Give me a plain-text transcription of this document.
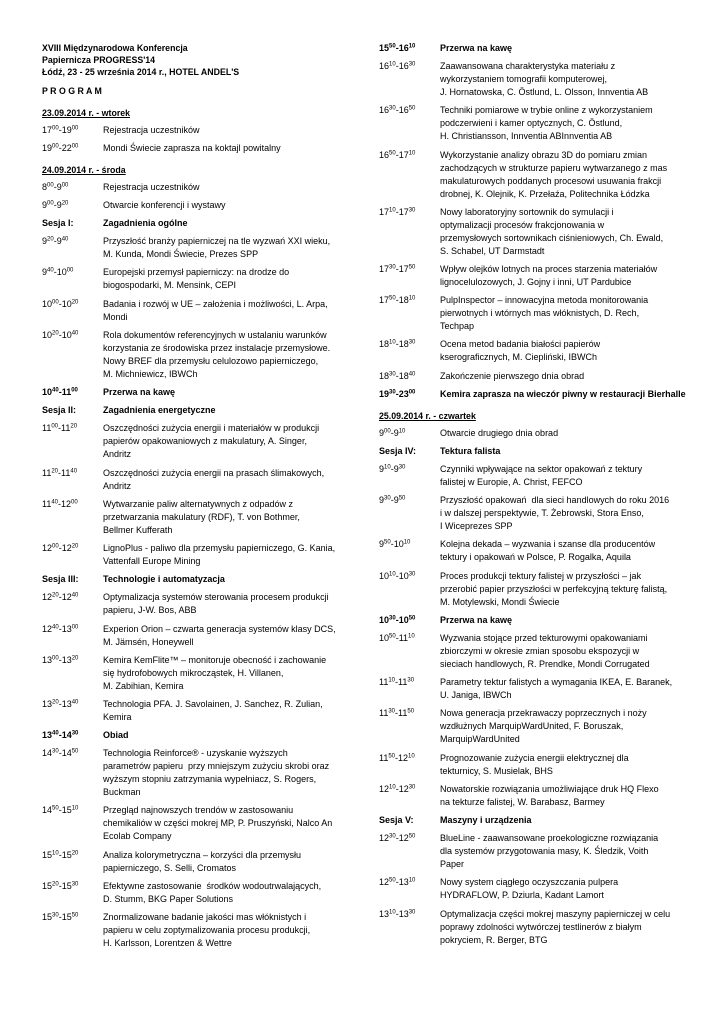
XVIII Międzynarodowa Konferencja
Papiernicza PROGRESS'14
Łódź, 23 - 25 września 2014 r., HOTEL ANDEL'S
P R O G R A M
23.09.2014 r. - wtorek
$17^{00}-19^{00}$	Rejestracja uczestników
$19^{00}-22^{00}$	Mondi Świecie zaprasza na koktajl powitalny
24.09.2014 r. - środa
$8^{00}-9^{00}$	Rejestracja uczestników
$9^{00}-9^{20}$	Otwarcie konferencji i wystawy
Sesja I:	Zagadnienia ogólne
$9^{20}-9^{40}$	Przyszłość branży papierniczej na tle wyzwań XXI wieku,
M. Kunda, Mondi Świecie, Prezes SPP
$9^{40}-10^{00}$	Europejski przemysł papierniczy: na drodze do
biogospodarki, M. Mensink, CEPI
$10^{00}-10^{20}$	Badania i rozwój w UE – założenia i możliwości, L. Arpa,
Mondi
$10^{20}-10^{40}$	Rola dokumentów referencyjnych w ustalaniu warunków
korzystania ze środowiska przez instalacje przemysłowe.
Nowy BREF dla przemysłu celulozowo papierniczego,
M. Michniewicz, IBWCh
$10^{40}-11^{00}$	Przerwa na kawę
Sesja II:	Zagadnienia energetyczne
$11^{00}-11^{20}$	Oszczędności zużycia energii i materiałów w produkcji
papierów opakowaniowych z makulatury, A. Singer,
Andritz
$11^{20}-11^{40}$	Oszczędności zużycia energii na prasach ślimakowych,
Andritz
$11^{40}-12^{00}$	Wytwarzanie paliw alternatywnych z odpadów z
przetwarzania makulatury (RDF), T. von Bothmer,
Bellmer Kufferath
$12^{00}-12^{20}$	LignoPlus - paliwo dla przemysłu papierniczego, G. Kania,
Vattenfall Europe Mining
Sesja III:	Technologie i automatyzacja
$12^{20}-12^{40}$	Optymalizacja systemów sterowania procesem produkcji
papieru, J-W. Bos, ABB
$12^{40}-13^{00}$	Experion Orion – czwarta generacja systemów klasy DCS,
M. Jämsén, Honeywell
$13^{00}-13^{20}$	Kemira KemFlite™ – monitoruje obecność i zachowanie
się hydrofobowych mikrocząstek, H. Villanen,
M. Zabihian, Kemira
$13^{20}-13^{40}$	Technologia PFA. J. Savolainen, J. Sanchez, R. Zulian,
Kemira
$13^{40}-14^{30}$	Obiad
$14^{30}-14^{50}$	Technologia Reinforce® - uzyskanie wyższych
parametrów papieru  przy mniejszym zużyciu skrobi oraz
wyższym stopniu zatrzymania wypełniacz, S. Rogers,
Buckman
$14^{50}-15^{10}$	Przegląd najnowszych trendów w zastosowaniu
chemikaliów w części mokrej MP, P. Pruszyński, Nalco An
Ecolab Company
$15^{10}-15^{20}$	Analiza kolorymetryczna – korzyści dla przemysłu
papierniczego, S. Selli, Cromatos
$15^{20}-15^{30}$	Efektywne zastosowanie  środków wodoutrwalających,
D. Stumm, BKG Paper Solutions
$15^{30}-15^{50}$	Znormalizowane badanie jakości mas włóknistych i
papieru w celu zoptymalizowania procesu produkcji,
H. Karlsson, Lorentzen & Wettre
$15^{50}-16^{10}$	Przerwa na kawę
$16^{10}-16^{30}$	Zaawansowana charakterystyka materiału z
wykorzystaniem tomografii komputerowej,
J. Hornatowska, C. Östlund, L. Olsson, Innventia AB
$16^{30}-16^{50}$	Techniki pomiarowe w trybie online z wykorzystaniem
podczerwieni i kamer optycznych, C. Östlund,
H. Christiansson, Innventia ABInnventia AB
$16^{50}-17^{10}$	Wykorzystanie analizy obrazu 3D do pomiaru zmian
zachodzących w strukturze papieru wytwarzanego z mas
makulaturowych poddanych procesowi usuwania frakcji
drobnej, K. Olejnik, K. Przełaźa, Politechnika Łódzka
$17^{10}-17^{30}$	Nowy laboratoryjny sortownik do symulacji i
optymalizacji procesów frakcjonowania w
przemysłowych sortownikach ciśnieniowych, Ch. Ewald,
S. Schabel, UT Darmstadt
$17^{30}-17^{50}$	Wpływ olejków lotnych na proces starzenia materiałów
lignocelulozowych, J. Gojny i inni, UT Pardubice
$17^{50}-18^{10}$	PulpInspector – innowacyjna metoda monitorowania
pierwotnych i wtórnych mas włóknistych, D. Rech,
Techpap
$18^{10}-18^{30}$	Ocena metod badania białości papierów
kserograficznych, M. Ciepliński, IBWCh
$18^{30}-18^{40}$	Zakończenie pierwszego dnia obrad
$19^{30}-23^{00}$	Kemira zaprasza na wieczór piwny w restauracji Bierhalle
25.09.2014 r. - czwartek
$9^{00}-9^{10}$	Otwarcie drugiego dnia obrad
Sesja IV:	Tektura falista
$9^{10}-9^{30}$	Czynniki wpływające na sektor opakowań z tektury
falistej w Europie, A. Christ, FEFCO
$9^{30}-9^{50}$	Przyszłość opakowań  dla sieci handlowych do roku 2016
i w dalszej perspektywie, T. Żebrowski, Stora Enso,
I Wiceprezes SPP
$9^{50}-10^{10}$	Kolejna dekada – wyzwania i szanse dla producentów
tektury i opakowań w Polsce, P. Rogalka, Aquila
$10^{10}-10^{30}$	Proces produkcji tektury falistej w przyszłości – jak
przerobić papier przyszłości w perfekcyjną tekturę falistą,
M. Motylewski, Mondi Świecie
$10^{30}-10^{50}$	Przerwa na kawę
$10^{50}-11^{10}$	Wyzwania stojące przed tekturowymi opakowaniami
zbiorczymi w okresie zmian sposobu ekspozycji w
sieciach handlowych, R. Prendke, Mondi Corrugated
$11^{10}-11^{30}$	Parametry tektur falistych a wymagania IKEA, E. Baranek,
U. Janiga, IBWCh
$11^{30}-11^{50}$	Nowa generacja przekrawaczy poprzecznych i noży
wzdłużnych MarquipWardUnited, F. Boruszak,
MarquipWardUnited
$11^{50}-12^{10}$	Prognozowanie zużycia energii elektrycznej dla
tekturnicy, S. Musielak, BHS
$12^{10}-12^{30}$	Nowatorskie rozwiązania umożliwiające druk HQ Flexo
na tekturze falistej, W. Barabasz, Barmey
Sesja V:	Maszyny i urządzenia
$12^{30}-12^{50}$	BlueLine - zaawansowane proekologiczne rozwiązania
dla systemów przygotowania masy, K. Śledzik, Voith
Paper
$12^{50}-13^{10}$	Nowy system ciągłego oczyszczania pulpera
HYDRAFLOW, P. Dziurla, Kadant Lamort
$13^{10}-13^{30}$	Optymalizacja części mokrej maszyny papierniczej w celu
poprawy zdolności wytwórczej testlinerów z białym
pokryciem, R. Berger, BTG
